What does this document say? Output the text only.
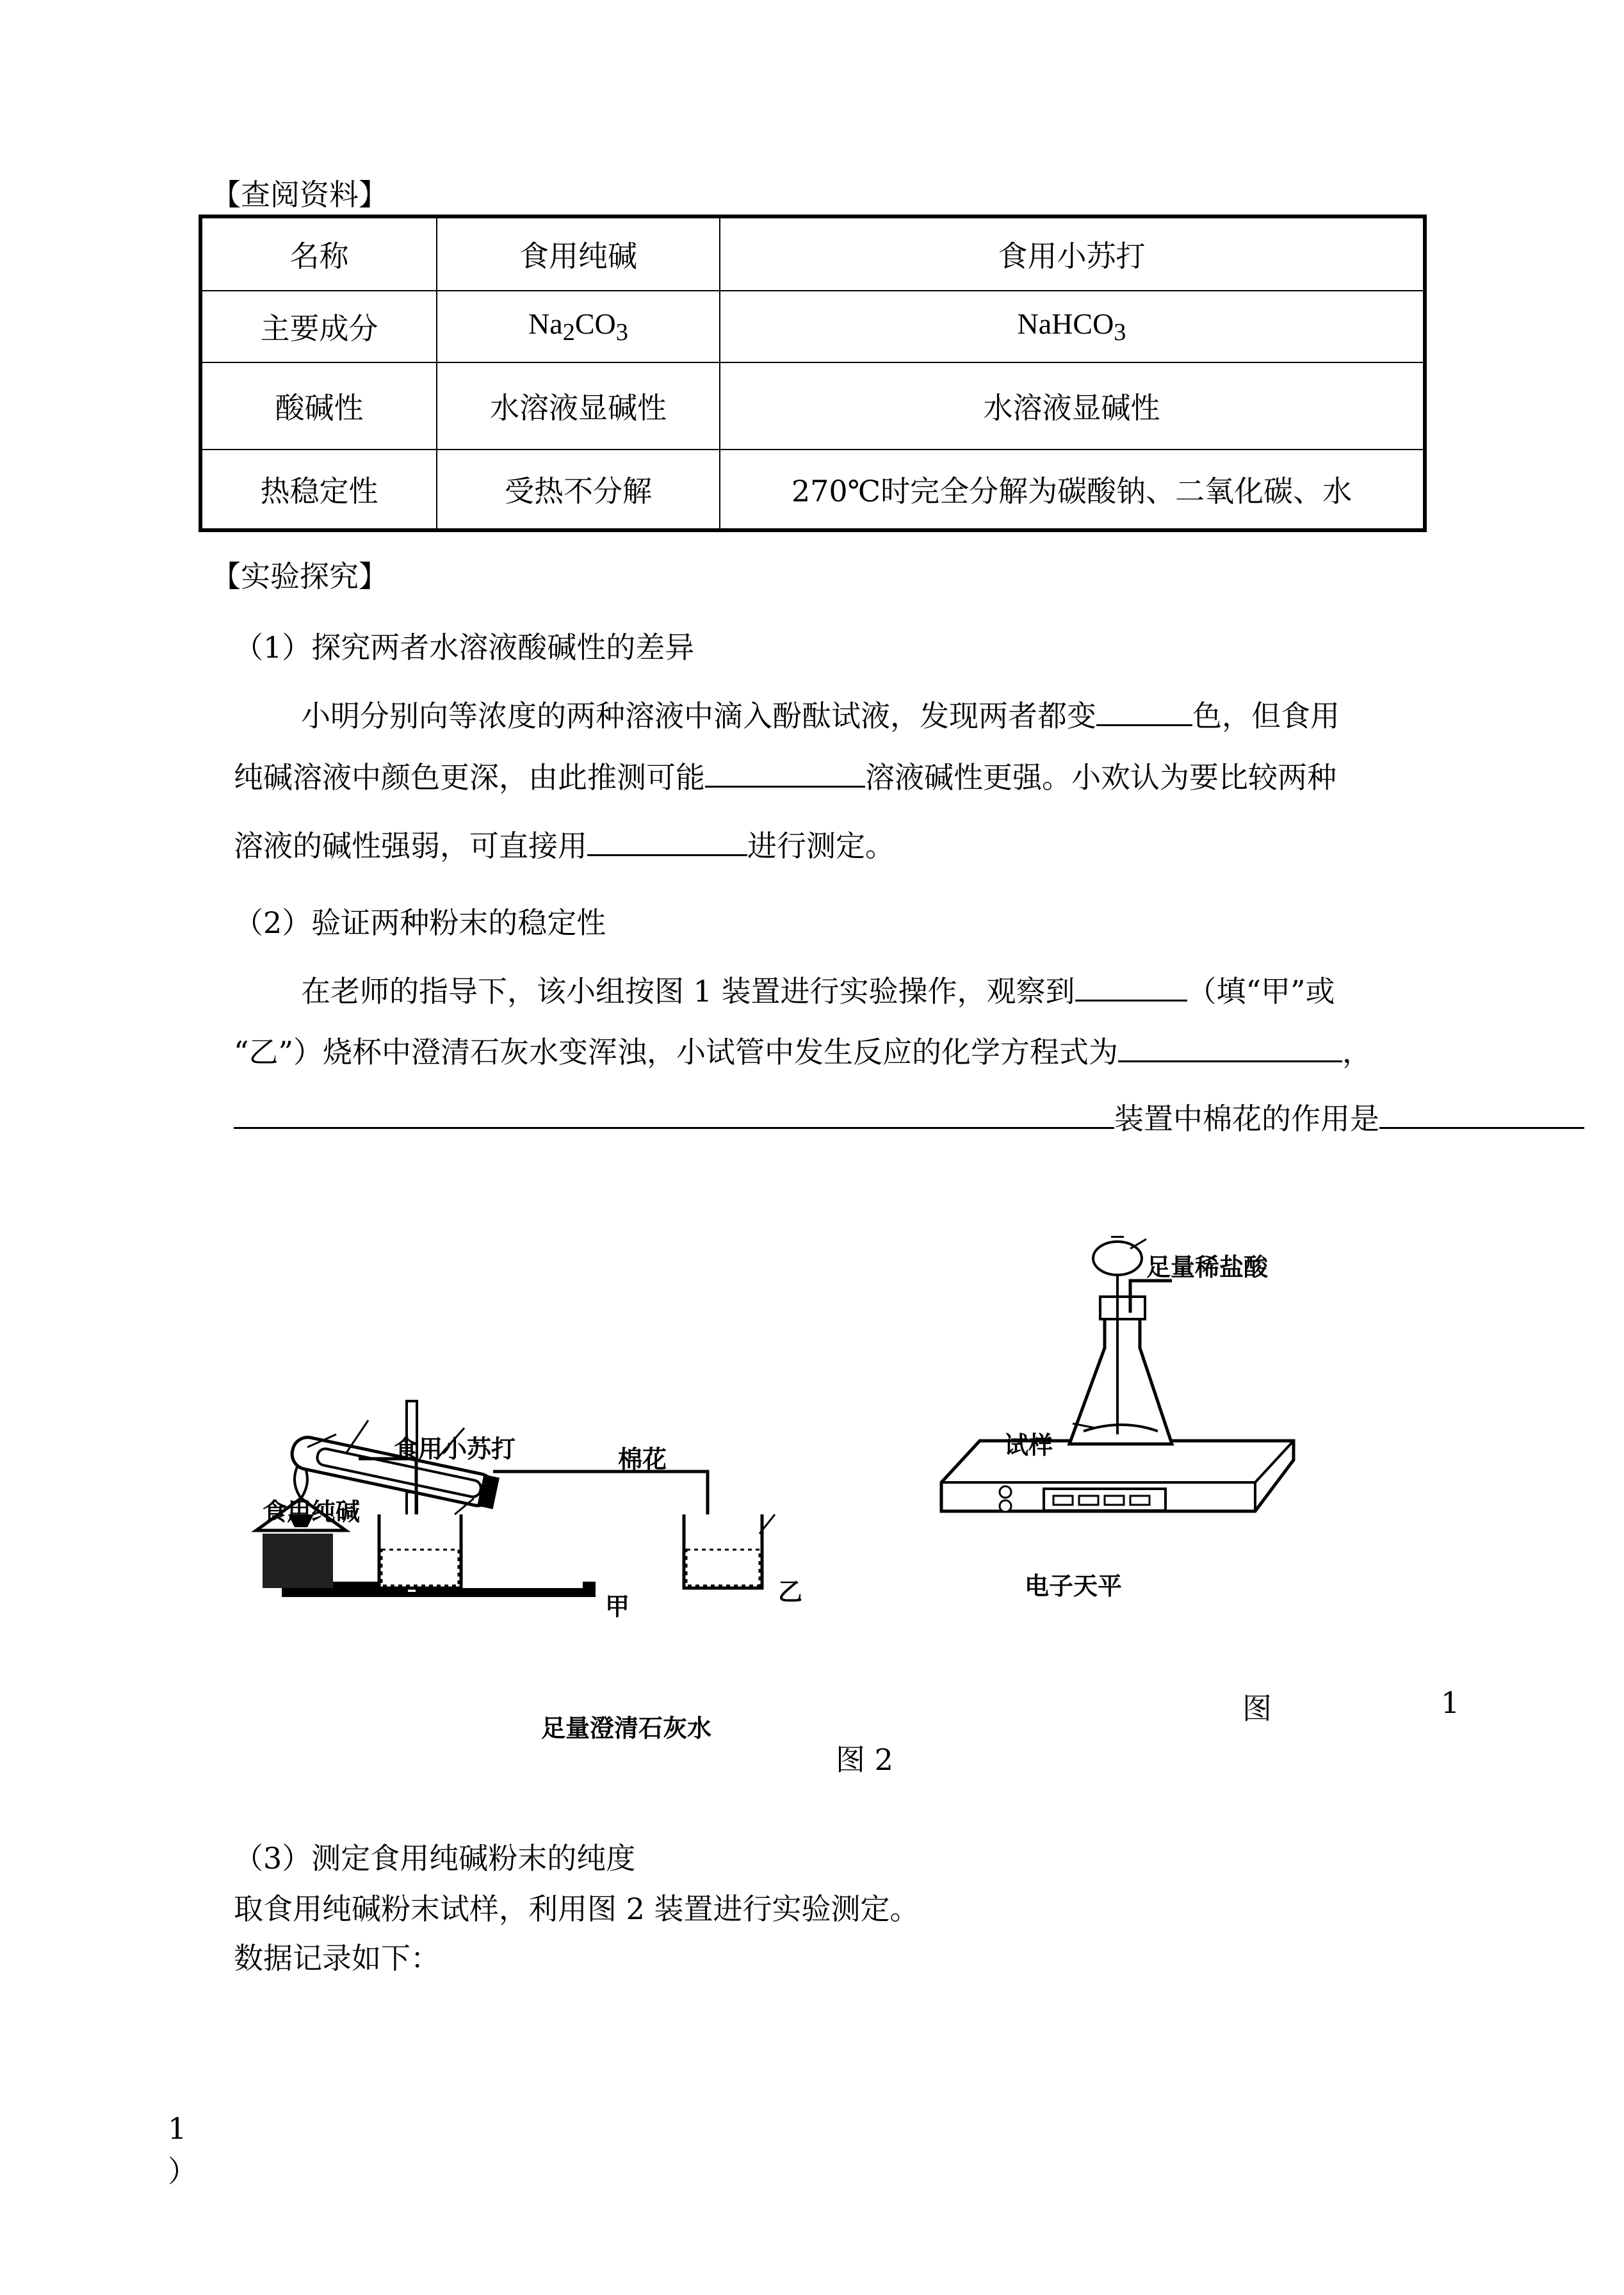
【查阅资料】
名称	食用纯碱	食用小苏打
主要成分	$Na_2CO_3$	NaHCO$_3$
酸碱性	水溶液显碱性	水溶液显碱性
热稳定性	受热不分解	270℃时完全分解为碳酸钠、二氧化碳、水
【实验探究】
（1）探究两者水溶液酸碱性的差异
小明分别向等浓度的两种溶液中滴入酚酞试液，发现两者都变	色，但食用
纯碱溶液中颜色更深，由此推测可能	溶液碱性更强。小欢认为要比较两种
溶液的碱性强弱，可直接用	进行测定。
（2）验证两种粉末的稳定性
在老师的指导下，该小组按图 1 装置进行实验操作，观察到	（填“甲”或
“乙”）烧杯中澄清石灰水变浑浊，小试管中发生反应的化学方程式为	，
装置中棉花的作用是
食用小苏打	棉花
食用纯碱
甲
乙
足量澄清石灰水
图	1
足量稀盐酸
试样
电子天平
图 2
（3）测定食用纯碱粉末的纯度
取食用纯碱粉末试样，利用图 2 装置进行实验测定。
数据记录如下：
1
）
